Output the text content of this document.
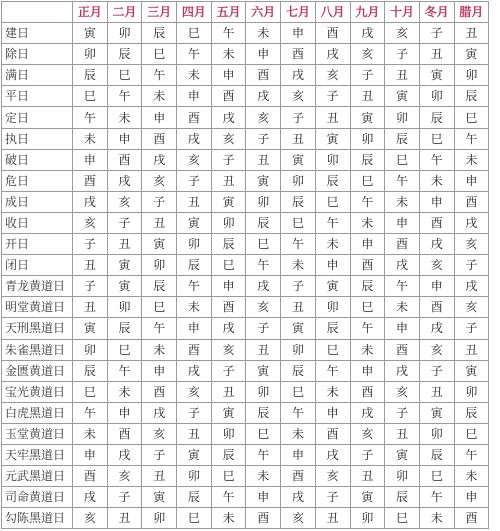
	正月	二月	三月	四月	五月	六月	七月	八月	九月	十月	冬月	腊月
建日	寅	卯	辰	巳	午	未	申	酉	戌	亥	子	丑
除日	卯	辰	巳	午	未	申	酉	戌	亥	子	丑	寅
满日	辰	巳	午	未	申	酉	戌	亥	子	丑	寅	卯
平日	巳	午	未	申	酉	戌	亥	子	丑	寅	卯	辰
定日	午	未	申	酉	戌	亥	子	丑	寅	卯	辰	巳
执日	未	申	酉	戌	亥	子	丑	寅	卯	辰	巳	午
破日	申	酉	戌	亥	子	丑	寅	卯	辰	巳	午	未
危日	酉	戌	亥	子	丑	寅	卯	辰	巳	午	未	申
成日	戌	亥	子	丑	寅	卯	辰	巳	午	未	申	酉
收日	亥	子	丑	寅	卯	辰	巳	午	未	申	酉	戌
开日	子	丑	寅	卯	辰	巳	午	未	申	酉	戌	亥
闭日	丑	寅	卯	辰	巳	午	未	申	酉	戌	亥	子
青龙黄道日	子	寅	辰	午	申	戌	子	寅	辰	午	申	戌
明堂黄道日	丑	卯	巳	未	酉	亥	丑	卯	巳	未	酉	亥
天刑黑道日	寅	辰	午	申	戌	子	寅	辰	午	申	戌	子
朱雀黑道日	卯	巳	未	酉	亥	丑	卯	巳	未	酉	亥	丑
金匮黄道日	辰	午	申	戌	子	寅	辰	午	申	戌	子	寅
宝光黄道日	巳	未	酉	亥	丑	卯	巳	未	酉	亥	丑	卯
白虎黑道日	午	申	戌	子	寅	辰	午	申	戌	子	寅	辰
玉堂黄道日	未	酉	亥	丑	卯	巳	未	酉	亥	丑	卯	巳
天牢黑道日	申	戌	子	寅	辰	午	申	戌	子	寅	辰	午
元武黑道日	酉	亥	丑	卯	巳	未	酉	亥	丑	卯	巳	未
司命黄道日	戌	子	寅	辰	午	申	戌	子	寅	辰	午	申
勾陈黑道日	亥	丑	卯	巳	未	酉	亥	丑	卯	巳	未	酉
